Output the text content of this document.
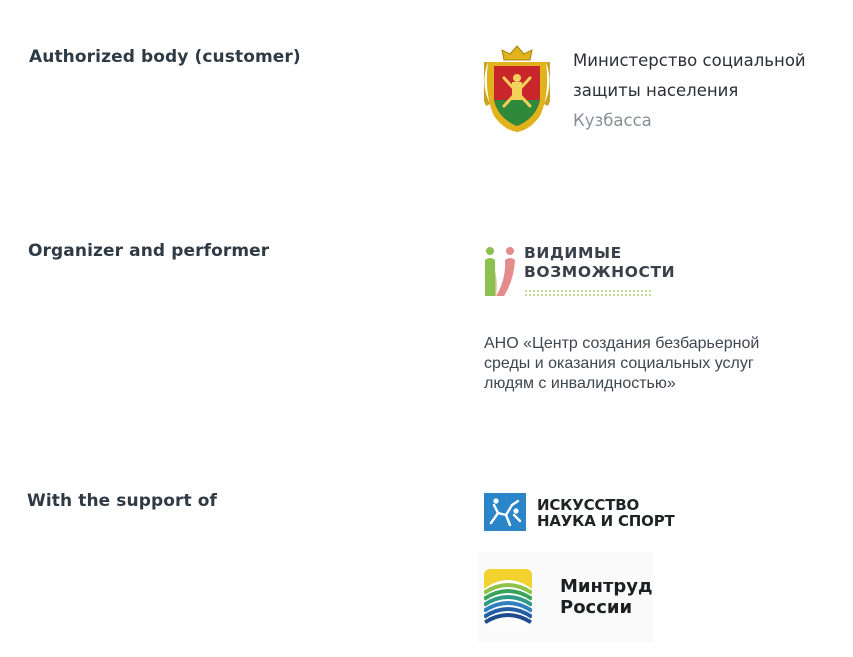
Authorized body (customer)
Organizer and performer
With the support of
Министерство социальной
защиты населения
Кузбасса
ВИДИМЫЕ
ВОЗМОЖНОСТИ

АНО «Центр создания безбарьерной среды и оказания социальных услуг людям с инвалидностью»

ИСКУССТВО
НАУКА И СПОРТ
Минтруд
России
